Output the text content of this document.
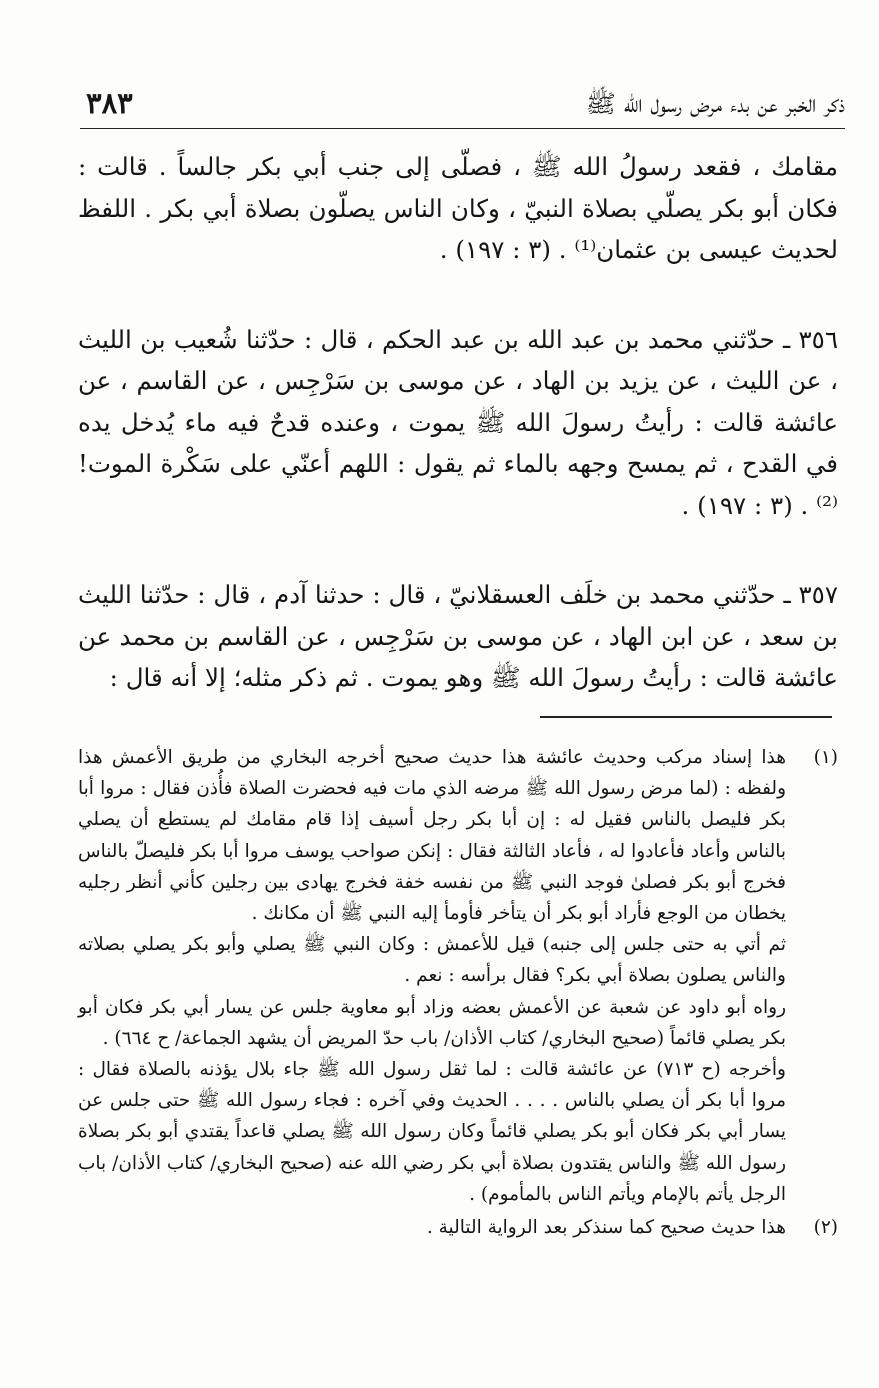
ذكر الخبر عن بدء مرض رسول الله ﷺ
٣٨٣

مقامك ، فقعد رسولُ الله ﷺ ، فصلّى إلى جنب أبي بكر جالساً . قالت : فكان أبو بكر يصلّي بصلاة النبيّ ، وكان الناس يصلّون بصلاة أبي بكر . اللفظ لحديث عيسى بن عثمان⁽¹⁾ . (٣ : ١٩٧) .

٣٥٦ ـ حدّثني محمد بن عبد الله بن عبد الحكم ، قال : حدّثنا شُعيب بن الليث ، عن الليث ، عن يزيد بن الهاد ، عن موسى بن سَرْجِس ، عن القاسم ، عن عائشة قالت : رأيتُ رسولَ الله ﷺ يموت ، وعنده قدحٌ فيه ماء يُدخل يده في القدح ، ثم يمسح وجهه بالماء ثم يقول : اللهم أعنّي على سَكْرة الموت!⁽²⁾ . (٣ : ١٩٧) .

٣٥٧ ـ حدّثني محمد بن خلَف العسقلانيّ ، قال : حدثنا آدم ، قال : حدّثنا الليث بن سعد ، عن ابن الهاد ، عن موسى بن سَرْجِس ، عن القاسم بن محمد عن عائشة قالت : رأيتُ رسولَ الله ﷺ وهو يموت . ثم ذكر مثله؛ إلا أنه قال :

(١)

هذا إسناد مركب وحديث عائشة هذا حديث صحيح أخرجه البخاري من طريق الأعمش هذا ولفظه : (لما مرض رسول الله ﷺ مرضه الذي مات فيه فحضرت الصلاة فأُذن فقال : مروا أبا بكر فليصل بالناس فقيل له : إن أبا بكر رجل أسيف إذا قام مقامك لم يستطع أن يصلي بالناس وأعاد فأعادوا له ، فأعاد الثالثة فقال : إنكن صواحب يوسف مروا أبا بكر فليصلّ بالناس فخرج أبو بكر فصلىٰ فوجد النبي ﷺ من نفسه خفة فخرج يهادى بين رجلين كأني أنظر رجليه يخطان من الوجع فأراد أبو بكر أن يتأخر فأومأ إليه النبي ﷺ أن مكانك .

ثم أتي به حتى جلس إلى جنبه) قيل للأعمش : وكان النبي ﷺ يصلي وأبو بكر يصلي بصلاته والناس يصلون بصلاة أبي بكر؟ فقال برأسه : نعم .

رواه أبو داود عن شعبة عن الأعمش بعضه وزاد أبو معاوية جلس عن يسار أبي بكر فكان أبو بكر يصلي قائماً (صحيح البخاري/ كتاب الأذان/ باب حدّ المريض أن يشهد الجماعة/ ح ٦٦٤) .

وأخرجه (ح ٧١٣) عن عائشة قالت : لما ثقل رسول الله ﷺ جاء بلال يؤذنه بالصلاة فقال : مروا أبا بكر أن يصلي بالناس . . . . الحديث وفي آخره : فجاء رسول الله ﷺ حتى جلس عن يسار أبي بكر فكان أبو بكر يصلي قائماً وكان رسول الله ﷺ يصلي قاعداً يقتدي أبو بكر بصلاة رسول الله ﷺ والناس يقتدون بصلاة أبي بكر رضي الله عنه (صحيح البخاري/ كتاب الأذان/ باب الرجل يأتم بالإمام ويأتم الناس بالمأموم) .

(٢)

هذا حديث صحيح كما سنذكر بعد الرواية التالية .
